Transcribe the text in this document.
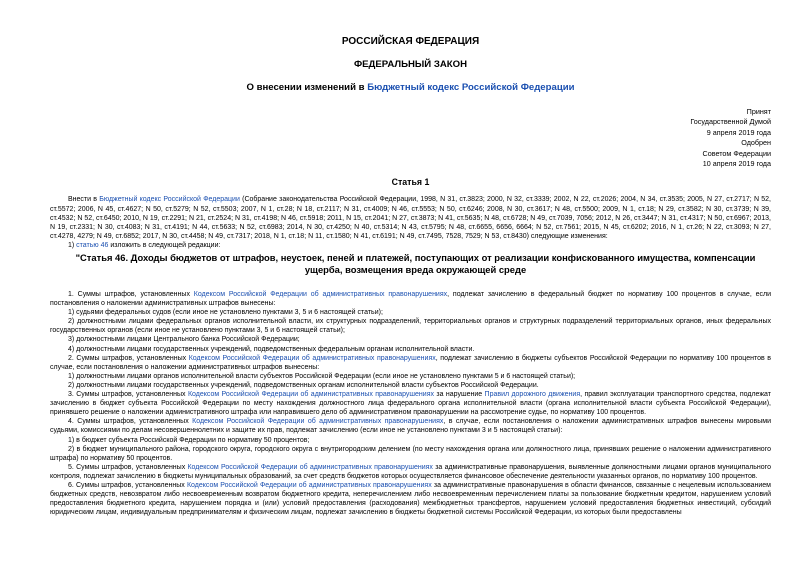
РОССИЙСКАЯ ФЕДЕРАЦИЯ
ФЕДЕРАЛЬНЫЙ ЗАКОН
О внесении изменений в Бюджетный кодекс Российской Федерации
Принят
Государственной Думой
9 апреля 2019 года
Одобрен
Советом Федерации
10 апреля 2019 года
Статья 1

Внести в Бюджетный кодекс Российской Федерации (Собрание законодательства Российской Федерации, 1998, N 31, ст.3823; 2000, N 32, ст.3339; 2002, N 22, ст.2026; 2004, N 34, ст.3535; 2005, N 27, ст.2717; N 52, ст.5572; 2006, N 45, ст.4627; N 50, ст.5279; N 52, ст.5503; 2007, N 1, ст.28; N 18, ст.2117; N 31, ст.4009; N 46, ст.5553; N 50, ст.6246; 2008, N 30, ст.3617; N 48, ст.5500; 2009, N 1, ст.18; N 29, ст.3582; N 30, ст.3739; N 39, ст.4532; N 52, ст.6450; 2010, N 19, ст.2291; N 21, ст.2524; N 31, ст.4198; N 46, ст.5918; 2011, N 15, ст.2041; N 27, ст.3873; N 41, ст.5635; N 48, ст.6728; N 49, ст.7039, 7056; 2012, N 26, ст.3447; N 31, ст.4317; N 50, ст.6967; 2013, N 19, ст.2331; N 30, ст.4083; N 31, ст.4191; N 44, ст.5633; N 52, ст.6983; 2014, N 30, ст.4250; N 40, ст.5314; N 43, ст.5795; N 48, ст.6655, 6656, 6664; N 52, ст.7561; 2015, N 45, ст.6202; 2016, N 1, ст.26; N 22, ст.3093; N 27, ст.4278, 4279; N 49, ст.6852; 2017, N 30, ст.4458; N 49, ст.7317; 2018, N 1, ст.18; N 11, ст.1580; N 41, ст.6191; N 49, ст.7495, 7528, 7529; N 53, ст.8430) следующие изменения:

1) статью 46 изложить в следующей редакции:

"Статья 46. Доходы бюджетов от штрафов, неустоек, пеней и платежей, поступающих от реализации конфискованного имущества, компенсации ущерба, возмещения вреда окружающей среде

1. Суммы штрафов, установленных Кодексом Российской Федерации об административных правонарушениях, подлежат зачислению в федеральный бюджет по нормативу 100 процентов в случае, если постановления о наложении административных штрафов вынесены:

1) судьями федеральных судов (если иное не установлено пунктами 3, 5 и 6 настоящей статьи);

2) должностными лицами федеральных органов исполнительной власти, их структурных подразделений, территориальных органов и структурных подразделений территориальных органов, иных федеральных государственных органов (если иное не установлено пунктами 3, 5 и 6 настоящей статьи);

3) должностными лицами Центрального банка Российской Федерации;

4) должностными лицами государственных учреждений, подведомственных федеральным органам исполнительной власти.

2. Суммы штрафов, установленных Кодексом Российской Федерации об административных правонарушениях, подлежат зачислению в бюджеты субъектов Российской Федерации по нормативу 100 процентов в случае, если постановления о наложении административных штрафов вынесены:

1) должностными лицами органов исполнительной власти субъектов Российской Федерации (если иное не установлено пунктами 5 и 6 настоящей статьи);

2) должностными лицами государственных учреждений, подведомственных органам исполнительной власти субъектов Российской Федерации.

3. Суммы штрафов, установленных Кодексом Российской Федерации об административных правонарушениях за нарушение Правил дорожного движения, правил эксплуатации транспортного средства, подлежат зачислению в бюджет субъекта Российской Федерации по месту нахождения должностного лица федерального органа исполнительной власти (органа исполнительной власти субъекта Российской Федерации), принявшего решение о наложении административного штрафа или направившего дело об административном правонарушении на рассмотрение судье, по нормативу 100 процентов.

4. Суммы штрафов, установленных Кодексом Российской Федерации об административных правонарушениях, в случае, если постановления о наложении административных штрафов вынесены мировыми судьями, комиссиями по делам несовершеннолетних и защите их прав, подлежат зачислению (если иное не установлено пунктами 3 и 5 настоящей статьи):

1) в бюджет субъекта Российской Федерации по нормативу 50 процентов;

2) в бюджет муниципального района, городского округа, городского округа с внутригородским делением (по месту нахождения органа или должностного лица, принявших решение о наложении административного штрафа) по нормативу 50 процентов.

5. Суммы штрафов, установленных Кодексом Российской Федерации об административных правонарушениях за административные правонарушения, выявленные должностными лицами органов муниципального контроля, подлежат зачислению в бюджеты муниципальных образований, за счет средств бюджетов которых осуществляется финансовое обеспечение деятельности указанных органов, по нормативу 100 процентов.

6. Суммы штрафов, установленных Кодексом Российской Федерации об административных правонарушениях за административные правонарушения в области финансов, связанные с нецелевым использованием бюджетных средств, невозвратом либо несвоевременным возвратом бюджетного кредита, неперечислением либо несвоевременным перечислением платы за пользование бюджетным кредитом, нарушением условий предоставления бюджетного кредита, нарушением порядка и (или) условий предоставления (расходования) межбюджетных трансфертов, нарушением условий предоставления бюджетных инвестиций, субсидий юридическим лицам, индивидуальным предпринимателям и физическим лицам, подлежат зачислению в бюджеты бюджетной системы Российской Федерации, из которых были предоставлены
